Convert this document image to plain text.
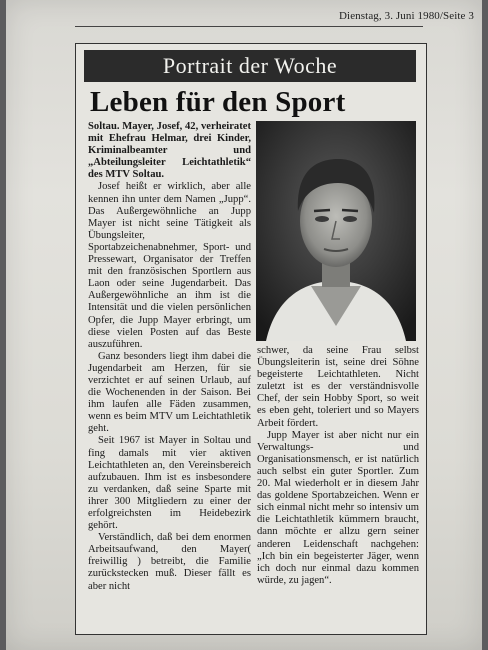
Dienstag, 3. Juni 1980/Seite 3
Portrait der Woche
Leben für den Sport

Soltau. Mayer, Josef, 42, verheiratet mit Ehefrau Helmar, drei Kinder, Kriminalbeamter und „Abteilungsleiter Leichtathletik“ des MTV Soltau.

Josef heißt er wirklich, aber alle kennen ihn unter dem Namen „Jupp“. Das Außergewöhnliche an Jupp Mayer ist nicht seine Tätigkeit als Übungsleiter, Sportabzeichenabnehmer, Sport- und Pressewart, Organisator der Treffen mit den französischen Sportlern aus Laon oder seine Jugendarbeit. Das Außergewöhnliche an ihm ist die Intensität und die vielen persönlichen Opfer, die Jupp Mayer erbringt, um diese vielen Posten auf das Beste auszuführen.

Ganz besonders liegt ihm dabei die Jugendarbeit am Herzen, für sie verzichtet er auf seinen Urlaub, auf die Wochenenden in der Saison. Bei ihm laufen alle Fäden zusammen, wenn es beim MTV um Leichtathletik geht.

Seit 1967 ist Mayer in Soltau und fing damals mit vier aktiven Leichtathleten an, den Vereinsbereich aufzubauen. Ihm ist es insbesondere zu verdanken, daß seine Sparte mit ihrer 300 Mitgliedern zu einer der erfolgreichsten im Heidebezirk gehört.

Verständlich, daß bei dem enormen Arbeitsaufwand, den Mayer( freiwillig ) betreibt, die Familie zurückstecken muß. Dieser fällt es aber nicht

schwer, da seine Frau selbst Übungsleiterin ist, seine drei Söhne begeisterte Leichtathleten. Nicht zuletzt ist es der verständnisvolle Chef, der sein Hobby Sport, so weit es eben geht, toleriert und so Mayers Arbeit fördert.

Jupp Mayer ist aber nicht nur ein Verwaltungs- und Organisationsmensch, er ist natürlich auch selbst ein guter Sportler. Zum 20. Mal wiederholt er in diesem Jahr das goldene Sportabzeichen. Wenn er sich einmal nicht mehr so intensiv um die Leichtathletik kümmern braucht, dann möchte er allzu gern seiner anderen Leidenschaft nachgehen: „Ich bin ein begeisterter Jäger, wenn ich doch nur einmal dazu kommen würde, zu jagen“.
